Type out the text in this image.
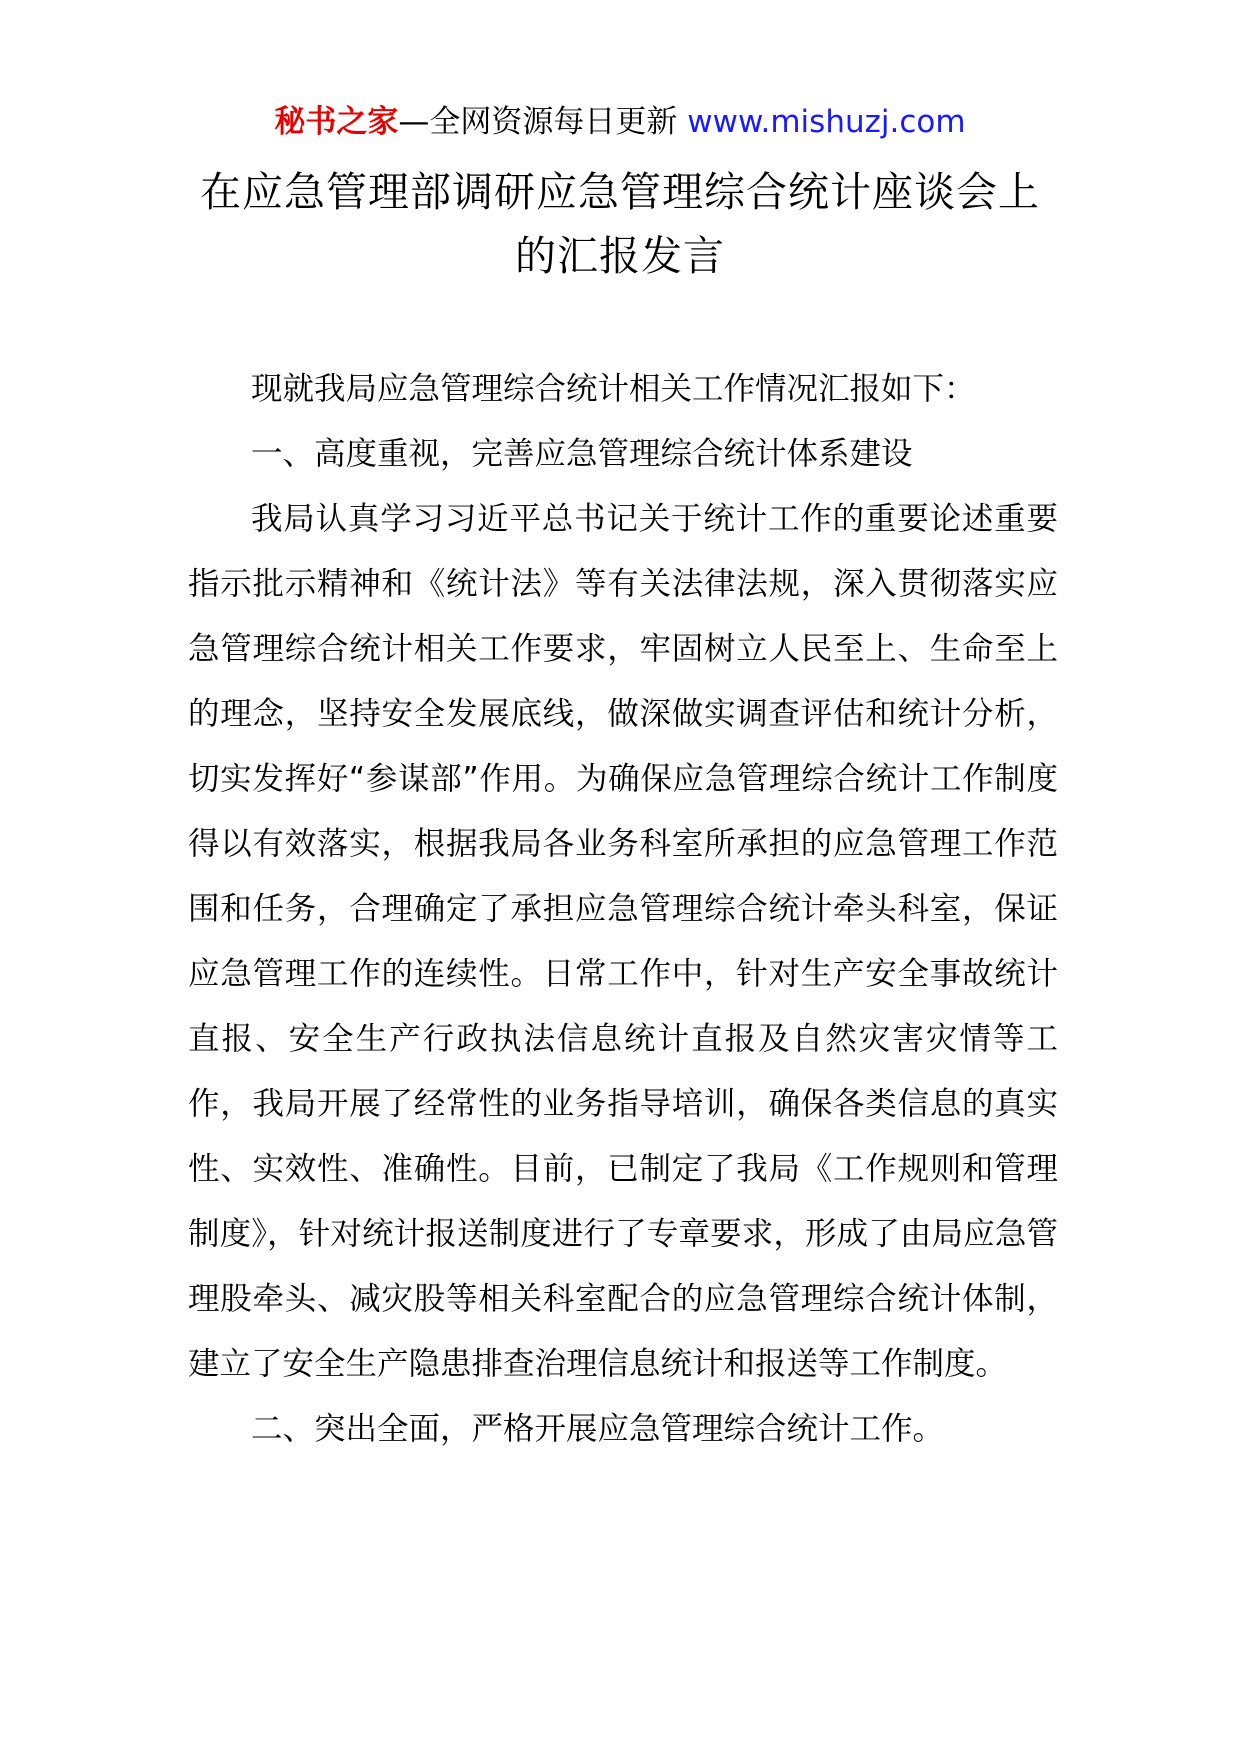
秘书之家—全网资源每日更新 www.mishuzj.com
在应急管理部调研应急管理综合统计座谈会上
的汇报发言

现就我局应急管理综合统计相关工作情况汇报如下：

一、高度重视，完善应急管理综合统计体系建设

我局认真学习习近平总书记关于统计工作的重要论述重要指示批示精神和《统计法》等有关法律法规，深入贯彻落实应急管理综合统计相关工作要求，牢固树立人民至上、生命至上的理念，坚持安全发展底线，做深做实调查评估和统计分析，切实发挥好“参谋部”作用。为确保应急管理综合统计工作制度得以有效落实，根据我局各业务科室所承担的应急管理工作范围和任务，合理确定了承担应急管理综合统计牵头科室，保证应急管理工作的连续性。日常工作中，针对生产安全事故统计直报、安全生产行政执法信息统计直报及自然灾害灾情等工作，我局开展了经常性的业务指导培训，确保各类信息的真实性、实效性、准确性。目前，已制定了我局《工作规则和管理制度》，针对统计报送制度进行了专章要求，形成了由局应急管理股牵头、减灾股等相关科室配合的应急管理综合统计体制，建立了安全生产隐患排查治理信息统计和报送等工作制度。

二、突出全面，严格开展应急管理综合统计工作。
